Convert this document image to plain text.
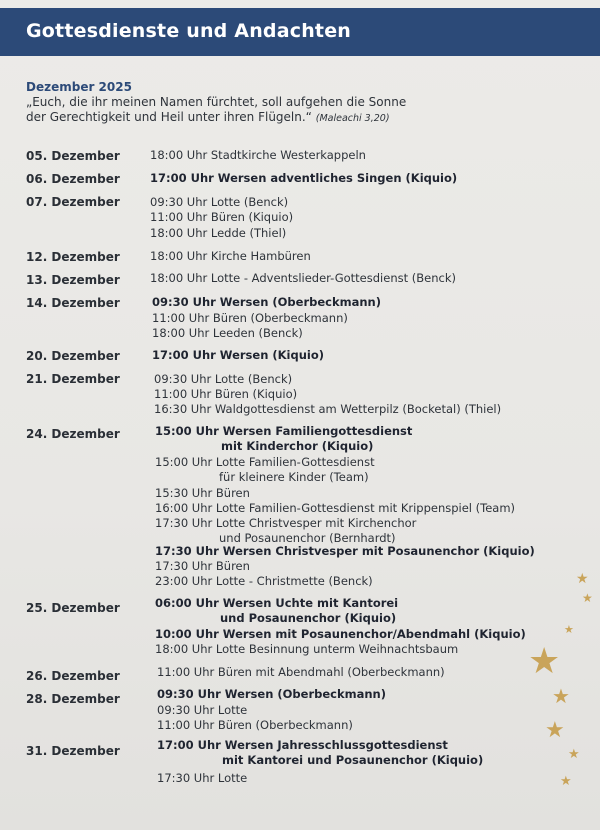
Gottesdienste und Andachten
Dezember 2025
„Euch, die ihr meinen Namen fürchtet, soll aufgehen die Sonne
der Gerechtigkeit und Heil unter ihren Flügeln.“ (Maleachi 3,20)
05. Dezember
06. Dezember
07. Dezember
12. Dezember
13. Dezember
14. Dezember
20. Dezember
21. Dezember
24. Dezember
25. Dezember
26. Dezember
28. Dezember
31. Dezember
18:00 Uhr Stadtkirche Westerkappeln
17:00 Uhr Wersen adventliches Singen (Kiquio)
09:30 Uhr Lotte (Benck)
11:00 Uhr Büren (Kiquio)
18:00 Uhr Ledde (Thiel)
18:00 Uhr Kirche Hambüren
18:00 Uhr Lotte - Adventslieder-Gottesdienst (Benck)
09:30 Uhr Wersen (Oberbeckmann)
11:00 Uhr Büren (Oberbeckmann)
18:00 Uhr Leeden (Benck)
17:00 Uhr Wersen (Kiquio)
09:30 Uhr Lotte (Benck)
11:00 Uhr Büren (Kiquio)
16:30 Uhr Waldgottesdienst am Wetterpilz (Bocketal) (Thiel)
15:00 Uhr Wersen Familiengottesdienst
mit Kinderchor (Kiquio)
15:00 Uhr Lotte Familien-Gottesdienst
für kleinere Kinder (Team)
15:30 Uhr Büren
16:00 Uhr Lotte Familien-Gottesdienst mit Krippenspiel (Team)
17:30 Uhr Lotte Christvesper mit Kirchenchor
und Posaunenchor (Bernhardt)
17:30 Uhr Wersen Christvesper mit Posaunenchor (Kiquio)
17:30 Uhr Büren
23:00 Uhr Lotte - Christmette (Benck)
06:00 Uhr Wersen Uchte mit Kantorei
und Posaunenchor (Kiquio)
10:00 Uhr Wersen mit Posaunenchor/Abendmahl (Kiquio)
18:00 Uhr Lotte Besinnung unterm Weihnachtsbaum
11:00 Uhr Büren mit Abendmahl (Oberbeckmann)
09:30 Uhr Wersen (Oberbeckmann)
09:30 Uhr Lotte
11:00 Uhr Büren (Oberbeckmann)
17:00 Uhr Wersen Jahresschlussgottesdienst
mit Kantorei und Posaunenchor (Kiquio)
17:30 Uhr Lotte
★
★
★
★
★
★
★
★
